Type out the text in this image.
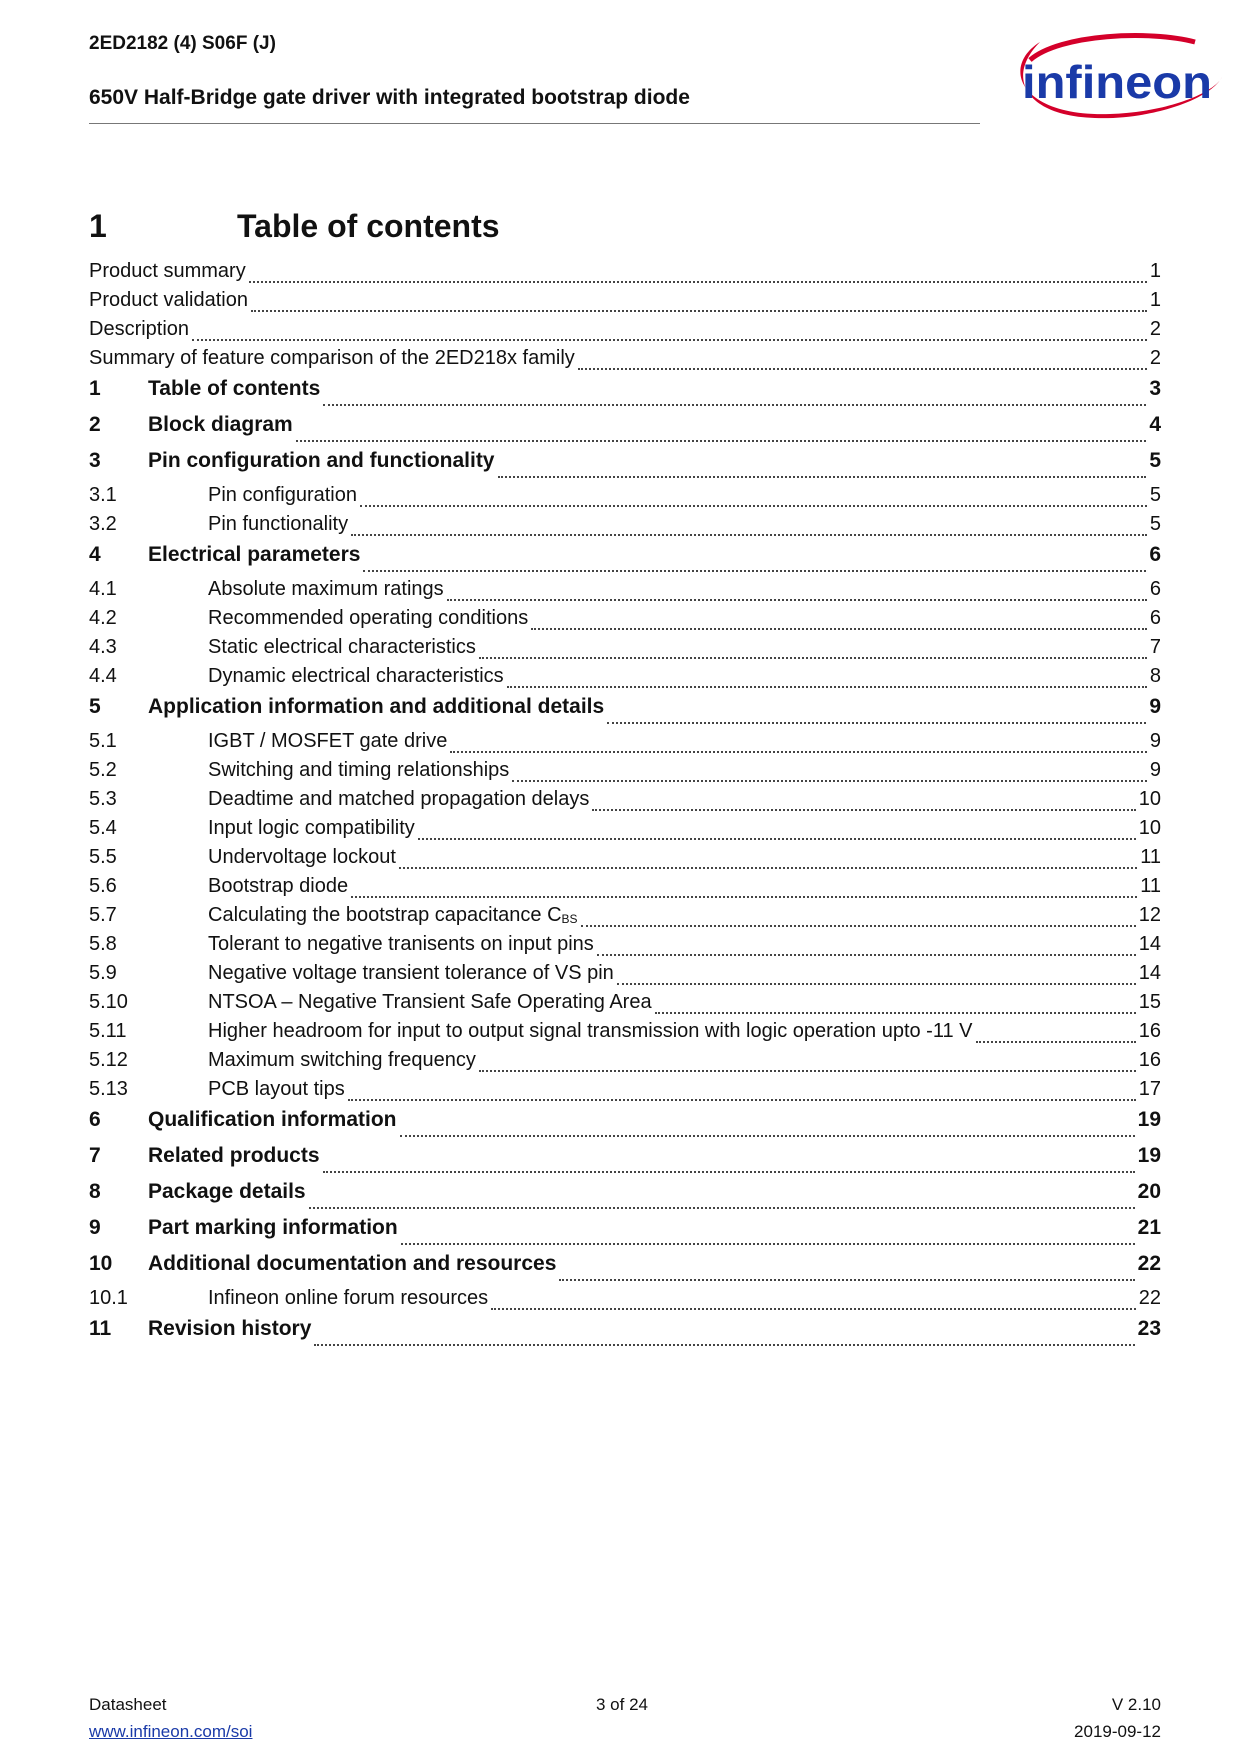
2ED2182 (4) S06F (J)
650V Half-Bridge gate driver with integrated bootstrap diode	infineon
1	Table of contents
Product summary	1
Product validation	1
Description	2
Summary of feature comparison of the 2ED218x family	2
1	Table of contents	3
2	Block diagram	4
3	Pin configuration and functionality	5
3.1	Pin configuration	5
3.2	Pin functionality	5
4	Electrical parameters	6
4.1	Absolute maximum ratings	6
4.2	Recommended operating conditions	6
4.3	Static electrical characteristics	7
4.4	Dynamic electrical characteristics	8
5	Application information and additional details	9
5.1	IGBT / MOSFET gate drive	9
5.2	Switching and timing relationships	9
5.3	Deadtime and matched propagation delays	10
5.4	Input logic compatibility	10
5.5	Undervoltage lockout	11
5.6	Bootstrap diode	11
5.7	Calculating the bootstrap capacitance CBS	12
5.8	Tolerant to negative tranisents on input pins	14
5.9	Negative voltage transient tolerance of VS pin	14
5.10	NTSOA – Negative Transient Safe Operating Area	15
5.11	Higher headroom for input to output signal transmission with logic operation upto -11 V	16
5.12	Maximum switching frequency	16
5.13	PCB layout tips	17
6	Qualification information	19
7	Related products	19
8	Package details	20
9	Part marking information	21
10	Additional documentation and resources	22
10.1	Infineon online forum resources	22
11	Revision history	23
Datasheet
www.infineon.com/soi
3 of 24	V 2.10
2019-09-12
